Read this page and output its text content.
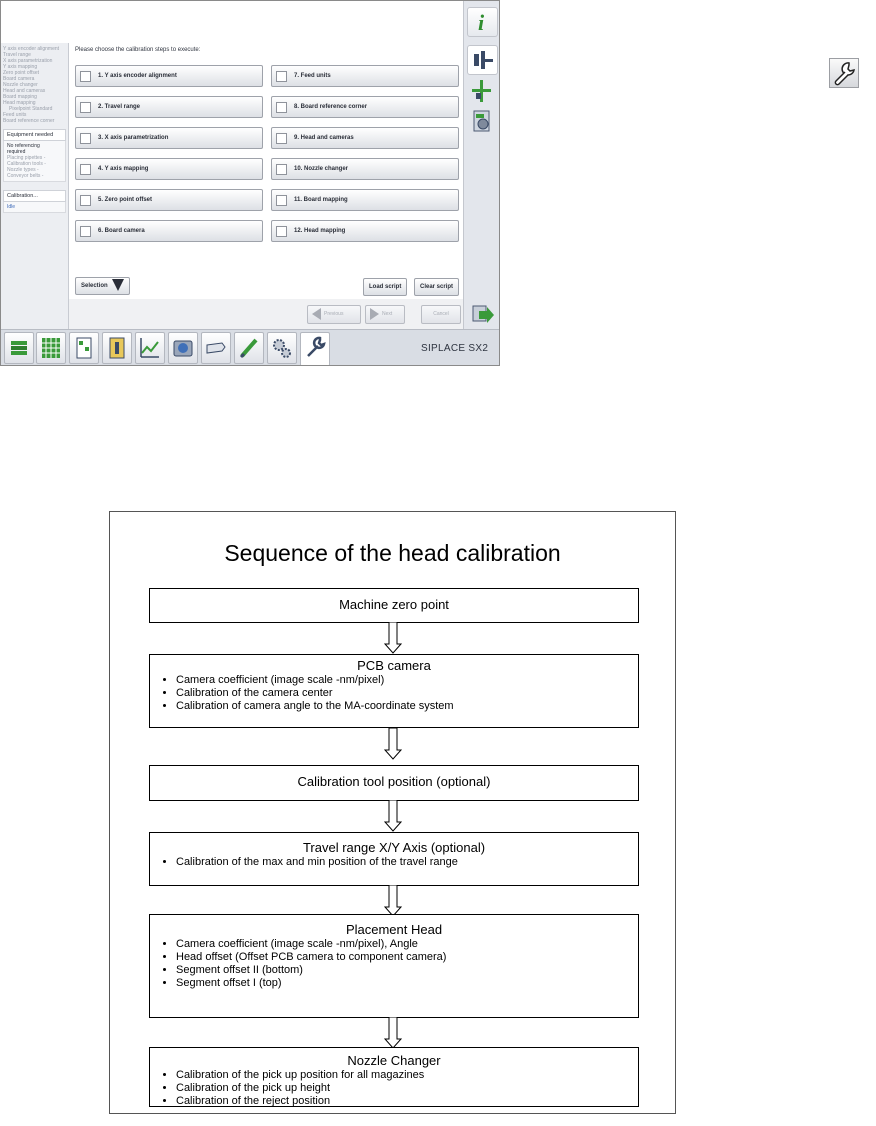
Y axis encoder alignment
Travel range
X axis parametrization
Y axis mapping
Zero point offset
Board camera
Nozzle changer
Head and cameras
Board mapping
Head mapping
Pixelpoint Standard
Feed units
Board reference corner
Equipment needed
No referencing
required
Placing pipettes -
Calibration tools -
Nozzle types -
Conveyor belts -
Calibration...
Idle
Please choose the calibration steps to execute:
1. Y axis encoder alignment
2. Travel range
3. X axis parametrization
4. Y axis mapping
5. Zero point offset
6. Board camera
7. Feed units
8. Board reference corner
9. Head and cameras
10. Nozzle changer
11. Board mapping
12. Head mapping
Selection	Load script	Clear script
Previous	Next	Cancel
i
SIPLACE SX2
Sequence of the head calibration
Machine zero point
PCB camera
• Camera coefficient (image scale -nm/pixel)
• Calibration of the camera center
• Calibration of camera angle to the MA-coordinate system
Calibration tool position (optional)
Travel range X/Y Axis (optional)
• Calibration of the max and min position of the travel range
Placement Head
• Camera coefficient (image scale -nm/pixel), Angle
• Head offset (Offset PCB camera to component camera)
• Segment offset II (bottom)
• Segment offset I (top)
Nozzle Changer
• Calibration of the pick up position for all magazines
• Calibration of the pick up height
• Calibration of the reject position
